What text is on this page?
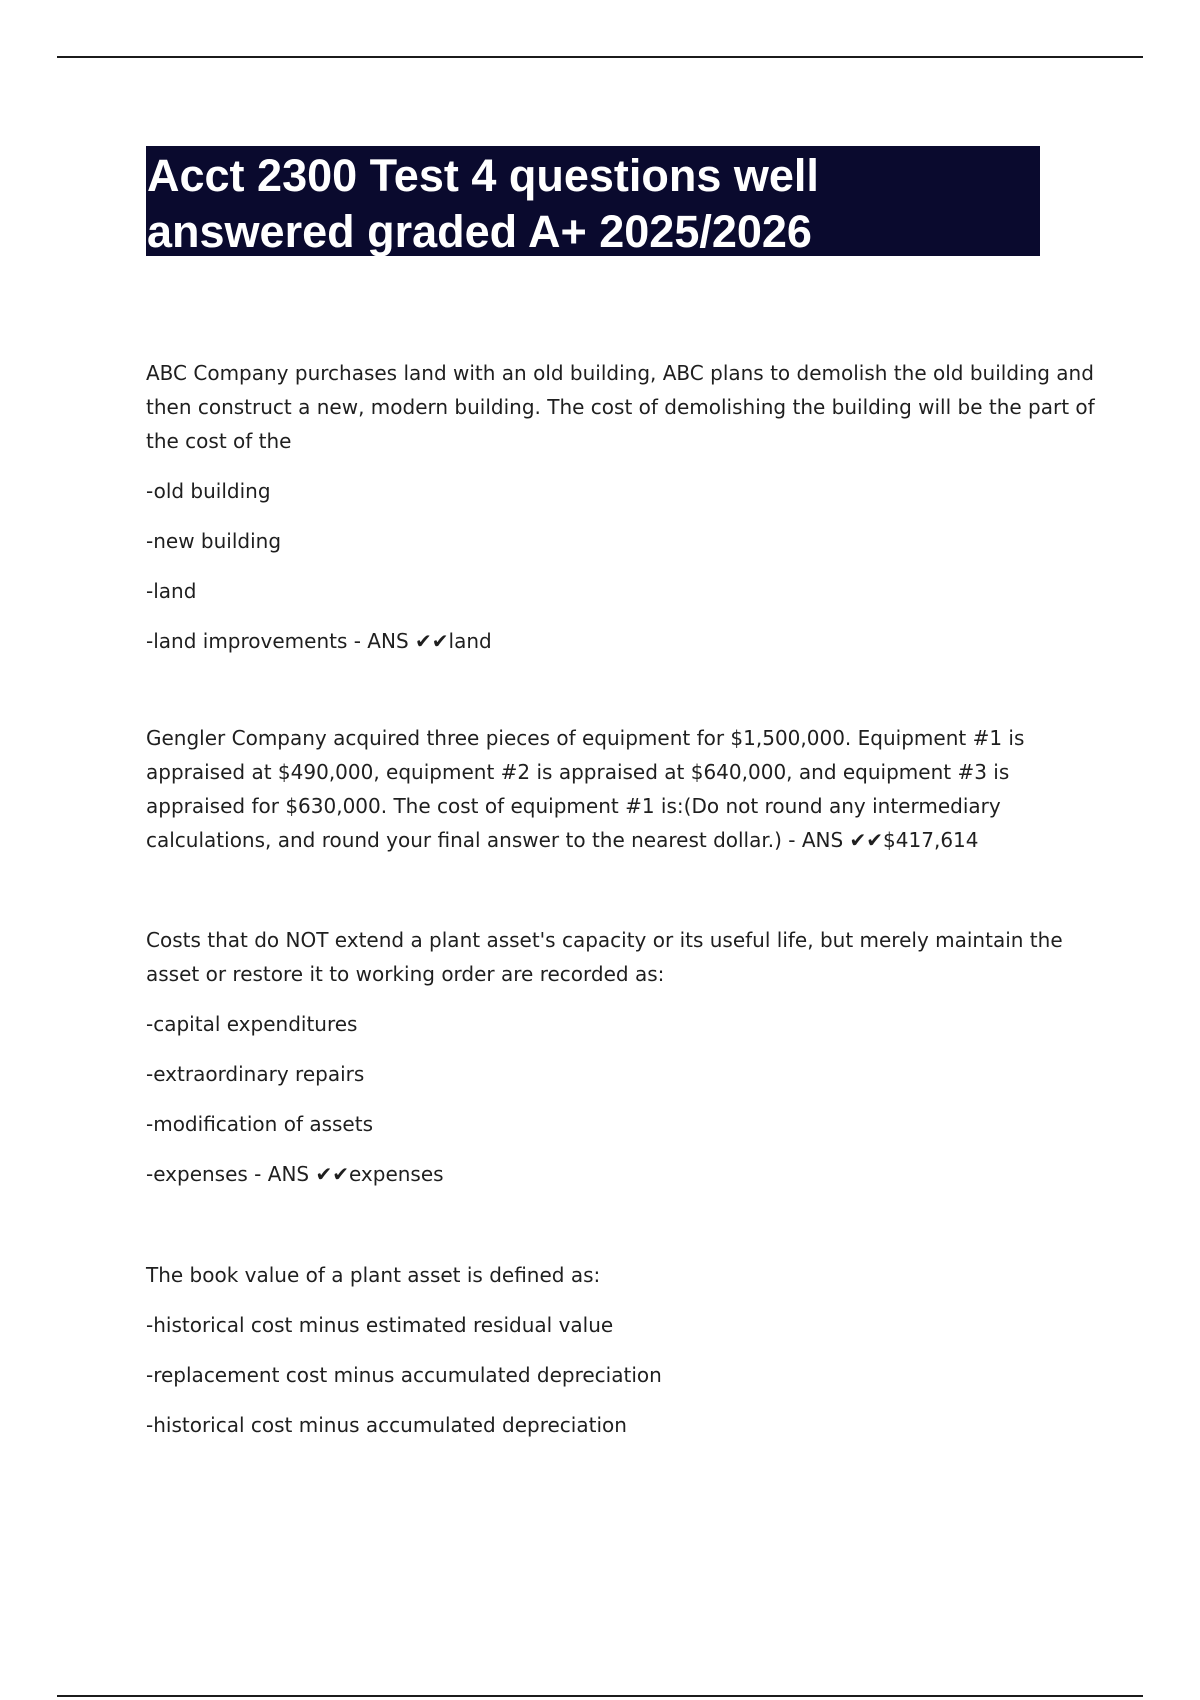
Acct 2300 Test 4 questions well
answered graded A+ 2025/2026

ABC Company purchases land with an old building, ABC plans to demolish the old building and then construct a new, modern building. The cost of demolishing the building will be the part of the cost of the

-old building

-new building

-land

-land improvements - ANS ✔✔land

Gengler Company acquired three pieces of equipment for $1,500,000. Equipment #1 is appraised at $490,000, equipment #2 is appraised at $640,000, and equipment #3 is appraised for $630,000. The cost of equipment #1 is:(Do not round any intermediary calculations, and round your final answer to the nearest dollar.) - ANS ✔✔$417,614

Costs that do NOT extend a plant asset's capacity or its useful life, but merely maintain the asset or restore it to working order are recorded as:

-capital expenditures

-extraordinary repairs

-modification of assets

-expenses - ANS ✔✔expenses

The book value of a plant asset is defined as:

-historical cost minus estimated residual value

-replacement cost minus accumulated depreciation

-historical cost minus accumulated depreciation
